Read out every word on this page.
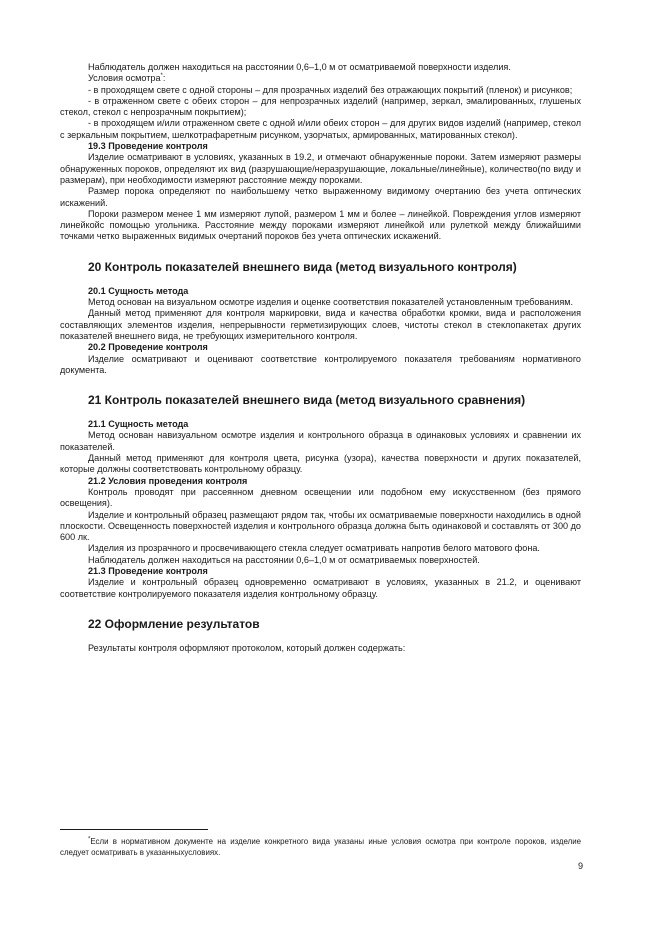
Наблюдатель должен находиться на расстоянии 0,6–1,0 м от осматриваемой поверхности изделия.

Условия осмотра*:

- в проходящем свете с одной стороны – для прозрачных изделий без отражающих покрытий (пленок) и рисунков;

- в отраженном свете с обеих сторон – для непрозрачных изделий (например, зеркал, эмалированных, глушеных стекол, стекол с непрозрачным покрытием);

- в проходящем и/или отраженном свете с одной и/или обеих сторон – для других видов изделий (например, стекол с зеркальным покрытием, шелкотрафаретным рисунком, узорчатых, армированных, матированных стекол).

19.3 Проведение контроля

Изделие осматривают в условиях, указанных в 19.2, и отмечают обнаруженные пороки. Затем измеряют размеры обнаруженных пороков, определяют их вид (разрушающие/неразрушающие, локальные/линейные), количество(по виду и размерам), при необходимости измеряют расстояние между пороками.

Размер порока определяют по наибольшему четко выраженному видимому очертанию без учета оптических искажений.

Пороки размером менее 1 мм измеряют лупой, размером 1 мм и более – линейкой. Повреждения углов измеряют линейкойс помощью угольника. Расстояние между пороками измеряют линейкой или рулеткой между ближайшими точками четко выраженных видимых очертаний пороков без учета оптических искажений.

20 Контроль показателей внешнего вида (метод визуального контроля)

20.1 Сущность метода

Метод основан на визуальном осмотре изделия и оценке соответствия показателей установленным требованиям.

Данный метод применяют для контроля маркировки, вида и качества обработки кромки, вида и расположения составляющих элементов изделия, непрерывности герметизирующих слоев, чистоты стекол в стеклопакетах других показателей внешнего вида, не требующих измерительного контроля.

20.2 Проведение контроля

Изделие осматривают и оценивают соответствие контролируемого показателя требованиям нормативного документа.

21 Контроль показателей внешнего вида (метод визуального сравнения)

21.1 Сущность метода

Метод основан навизуальном осмотре изделия и контрольного образца в одинаковых условиях и сравнении их показателей.

Данный метод применяют для контроля цвета, рисунка (узора), качества поверхности и других показателей, которые должны соответствовать контрольному образцу.

21.2 Условия проведения контроля

Контроль проводят при рассеянном дневном освещении или подобном ему искусственном (без прямого освещения).

Изделие и контрольный образец размещают рядом так, чтобы их осматриваемые поверхности находились в одной плоскости. Освещенность поверхностей изделия и контрольного образца должна быть одинаковой и составлять от 300 до 600 лк.

Изделия из прозрачного и просвечивающего стекла следует осматривать напротив белого матового фона.

Наблюдатель должен находиться на расстоянии 0,6–1,0 м от осматриваемых поверхностей.

21.3 Проведение контроля

Изделие и контрольный образец одновременно осматривают в условиях, указанных в 21.2, и оценивают соответствие контролируемого показателя изделия контрольному образцу.

22 Оформление результатов

Результаты контроля оформляют протоколом, который должен содержать:

*Если в нормативном документе на изделие конкретного вида указаны иные условия осмотра при контроле пороков, изделие следует осматривать в указанныхусловиях.

9
